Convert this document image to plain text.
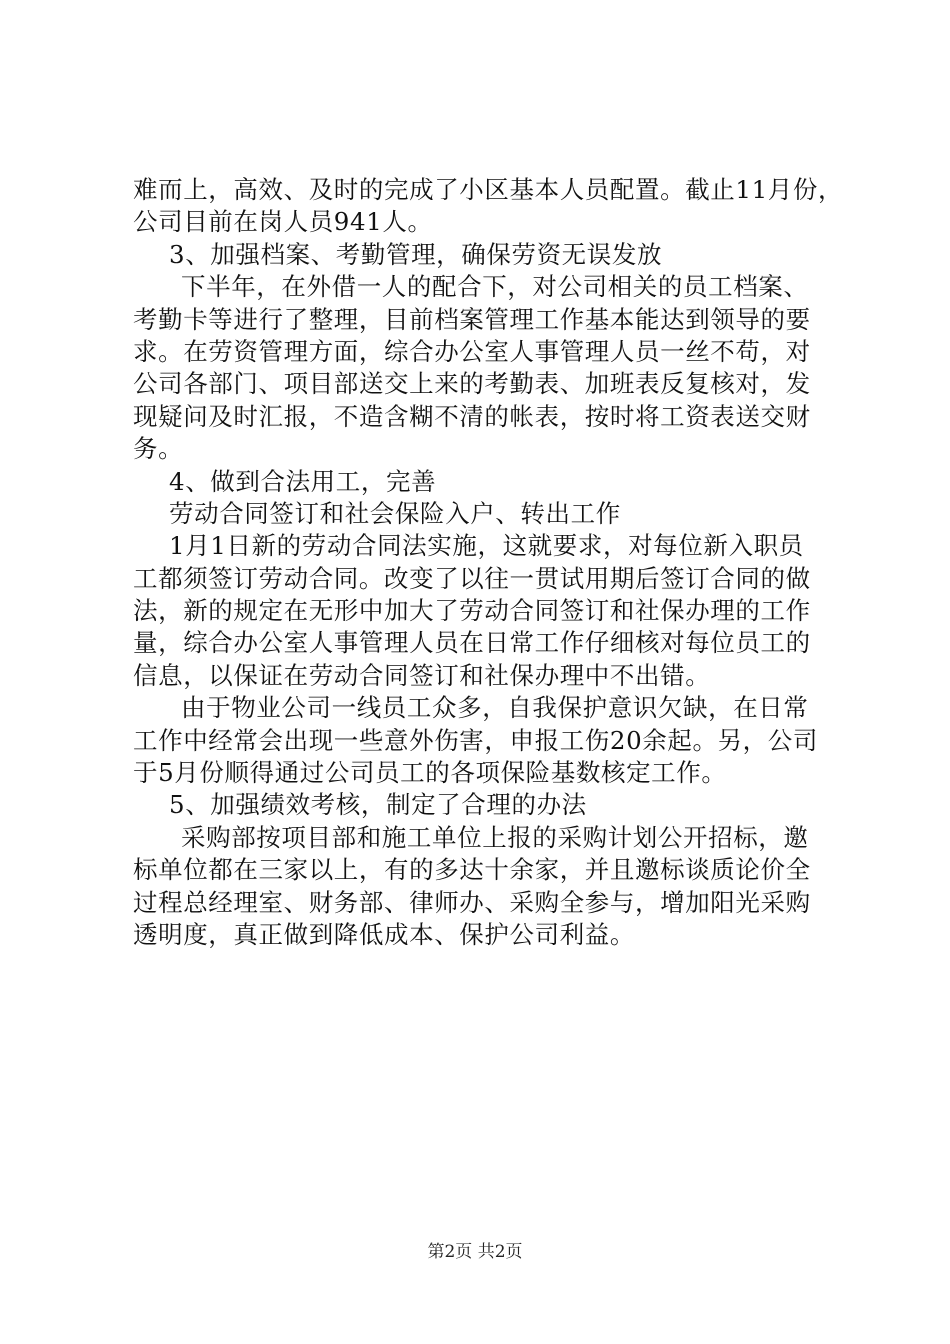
难而上，高效、及时的完成了小区基本人员配置。截止11月份，
公司目前在岗人员941人。
3、加强档案、考勤管理，确保劳资无误发放
下半年，在外借一人的配合下，对公司相关的员工档案、
考勤卡等进行了整理，目前档案管理工作基本能达到领导的要
求。在劳资管理方面，综合办公室人事管理人员一丝不苟，对
公司各部门、项目部送交上来的考勤表、加班表反复核对，发
现疑问及时汇报，不造含糊不清的帐表，按时将工资表送交财
务。
4、做到合法用工，完善
劳动合同签订和社会保险入户、转出工作
1月1日新的劳动合同法实施，这就要求，对每位新入职员
工都须签订劳动合同。改变了以往一贯试用期后签订合同的做
法，新的规定在无形中加大了劳动合同签订和社保办理的工作
量，综合办公室人事管理人员在日常工作仔细核对每位员工的
信息，以保证在劳动合同签订和社保办理中不出错。
由于物业公司一线员工众多，自我保护意识欠缺，在日常
工作中经常会出现一些意外伤害，申报工伤20余起。另，公司
于5月份顺得通过公司员工的各项保险基数核定工作。
5、加强绩效考核，制定了合理的办法
采购部按项目部和施工单位上报的采购计划公开招标，邀
标单位都在三家以上，有的多达十余家，并且邀标谈质论价全
过程总经理室、财务部、律师办、采购全参与，增加阳光采购
透明度，真正做到降低成本、保护公司利益。
第2页 共2页
